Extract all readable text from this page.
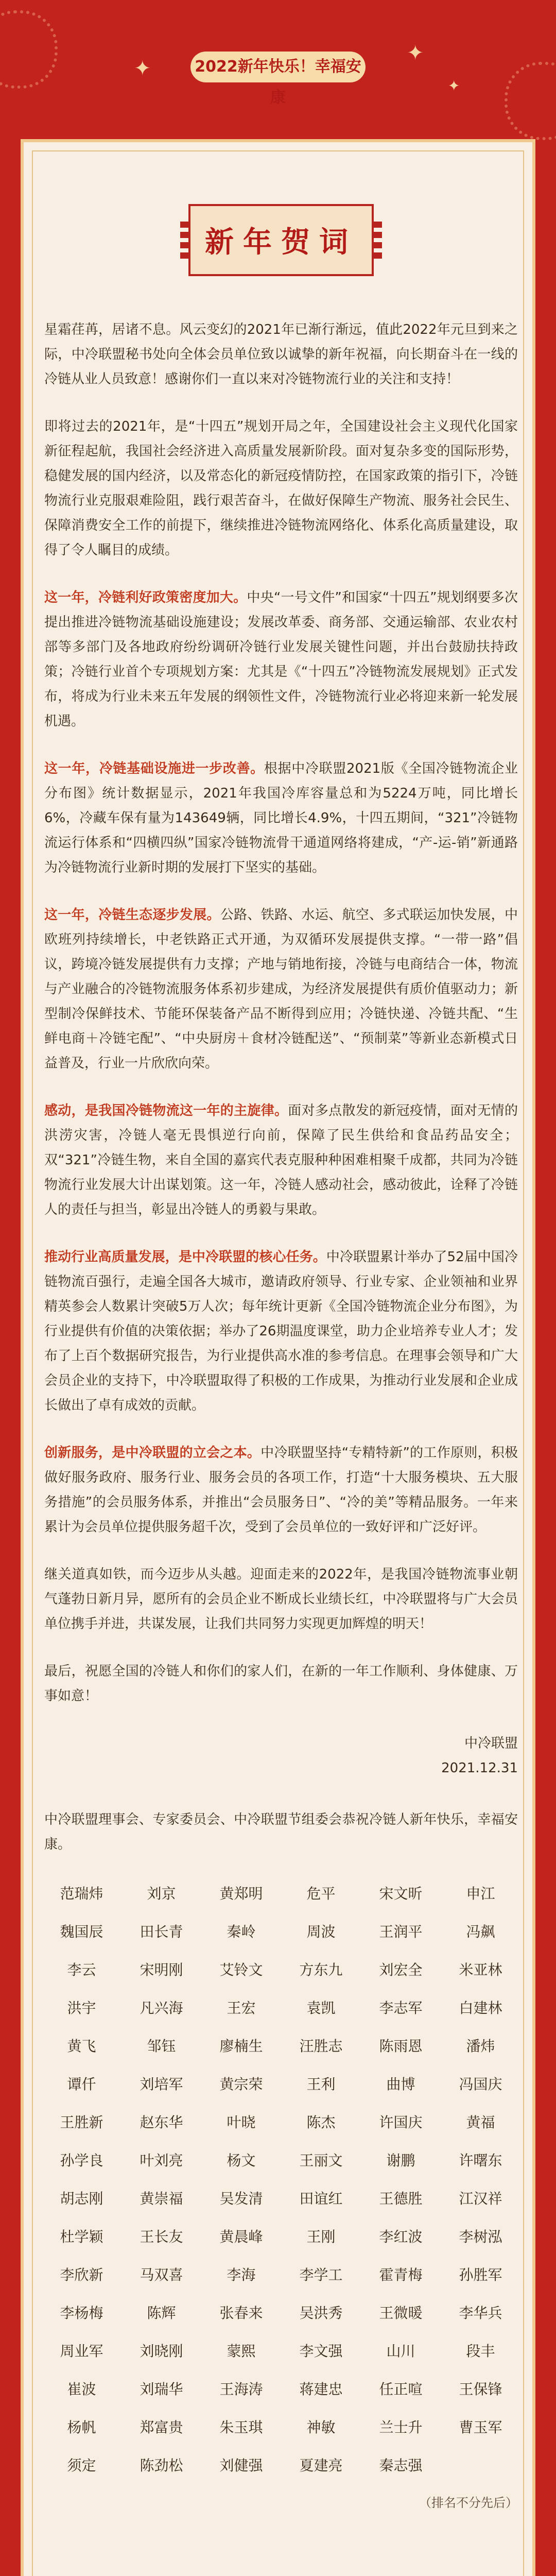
✦
✦
✦
2022新年快乐！幸福安康
新年贺词

星霜荏苒，居诸不息。风云变幻的2021年已渐行渐远，值此2022年元旦到来之际，中冷联盟秘书处向全体会员单位致以诚挚的新年祝福，向长期奋斗在一线的冷链从业人员致意！感谢你们一直以来对冷链物流行业的关注和支持！

即将过去的2021年，是“十四五”规划开局之年，全国建设社会主义现代化国家新征程起航，我国社会经济进入高质量发展新阶段。面对复杂多变的国际形势，稳健发展的国内经济，以及常态化的新冠疫情防控，在国家政策的指引下，冷链物流行业克服艰难险阻，践行艰苦奋斗，在做好保障生产物流、服务社会民生、保障消费安全工作的前提下，继续推进冷链物流网络化、体系化高质量建设，取得了令人瞩目的成绩。

这一年，冷链利好政策密度加大。中央“一号文件”和国家“十四五”规划纲要多次提出推进冷链物流基础设施建设；发展改革委、商务部、交通运输部、农业农村部等多部门及各地政府纷纷调研冷链行业发展关键性问题，并出台鼓励扶持政策；冷链行业首个专项规划方案：尤其是《“十四五”冷链物流发展规划》正式发布，将成为行业未来五年发展的纲领性文件，冷链物流行业必将迎来新一轮发展机遇。

这一年，冷链基础设施进一步改善。根据中冷联盟2021版《全国冷链物流企业分布图》统计数据显示，2021年我国冷库容量总和为5224万吨，同比增长6%，冷藏车保有量为143649辆，同比增长4.9%，十四五期间，“321”冷链物流运行体系和“四横四纵”国家冷链物流骨干通道网络将建成，“产-运-销”新通路为冷链物流行业新时期的发展打下坚实的基础。

这一年，冷链生态逐步发展。公路、铁路、水运、航空、多式联运加快发展，中欧班列持续增长，中老铁路正式开通，为双循环发展提供支撑。“一带一路”倡议，跨境冷链发展提供有力支撑；产地与销地衔接，冷链与电商结合一体，物流与产业融合的冷链物流服务体系初步建成，为经济发展提供有质价值驱动力；新型制冷保鲜技术、节能环保装备产品不断得到应用；冷链快递、冷链共配、“生鲜电商＋冷链宅配”、“中央厨房＋食材冷链配送”、“预制菜”等新业态新模式日益普及，行业一片欣欣向荣。

感动，是我国冷链物流这一年的主旋律。面对多点散发的新冠疫情，面对无情的洪涝灾害，冷链人毫无畏惧逆行向前，保障了民生供给和食品药品安全；双“321”冷链生物，来自全国的嘉宾代表克服种种困难相聚千成都，共同为冷链物流行业发展大计出谋划策。这一年，冷链人感动社会，感动彼此，诠释了冷链人的责任与担当，彰显出冷链人的勇毅与果敢。

推动行业高质量发展，是中冷联盟的核心任务。中冷联盟累计举办了52届中国冷链物流百强行，走遍全国各大城市，邀请政府领导、行业专家、企业领袖和业界精英参会人数累计突破5万人次；每年统计更新《全国冷链物流企业分布图》，为行业提供有价值的决策依据；举办了26期温度课堂，助力企业培养专业人才；发布了上百个数据研究报告，为行业提供高水准的参考信息。在理事会领导和广大会员企业的支持下，中冷联盟取得了积极的工作成果，为推动行业发展和企业成长做出了卓有成效的贡献。

创新服务，是中冷联盟的立会之本。中冷联盟坚持“专精特新”的工作原则，积极做好服务政府、服务行业、服务会员的各项工作，打造“十大服务模块、五大服务措施”的会员服务体系，并推出“会员服务日”、“冷的美”等精品服务。一年来累计为会员单位提供服务超千次，受到了会员单位的一致好评和广泛好评。

继关道真如铁，而今迈步从头越。迎面走来的2022年，是我国冷链物流事业朝气蓬勃日新月异，愿所有的会员企业不断成长业绩长红，中冷联盟将与广大会员单位携手并进，共谋发展，让我们共同努力实现更加辉煌的明天！

最后，祝愿全国的冷链人和你们的家人们，在新的一年工作顺利、身体健康、万事如意！

中冷联盟
2021.12.31

中冷联盟理事会、专家委员会、中冷联盟节组委会恭祝冷链人新年快乐，幸福安康。

范瑞炜	刘京	黄郑明	危平	宋文昕	申江
魏国辰	田长青	秦岭	周波	王润平	冯飙
李云	宋明刚	艾铃文	方东九	刘宏全	米亚林
洪宇	凡兴海	王宏	袁凯	李志军	白建林
黄飞	邹钰	廖楠生	汪胜志	陈雨恩	潘炜
谭仟	刘培军	黄宗荣	王利	曲博	冯国庆
王胜新	赵东华	叶晓	陈杰	许国庆	黄福
孙学良	叶刘亮	杨文	王丽文	谢鹏	许曙东
胡志刚	黄崇福	吴发清	田谊红	王德胜	江汉祥
杜学颖	王长友	黄晨峰	王刚	李红波	李树泓
李欣新	马双喜	李海	李学工	霍青梅	孙胜军
李杨梅	陈辉	张春来	吴洪秀	王微暖	李华兵
周业军	刘晓刚	蒙熙	李文强	山川	段丰
崔波	刘瑞华	王海涛	蒋建忠	任正喧	王保锋
杨帆	郑富贵	朱玉琪	神敏	兰士升	曹玉军
须定	陈劲松	刘健强	夏建亮	秦志强
（排名不分先后）
